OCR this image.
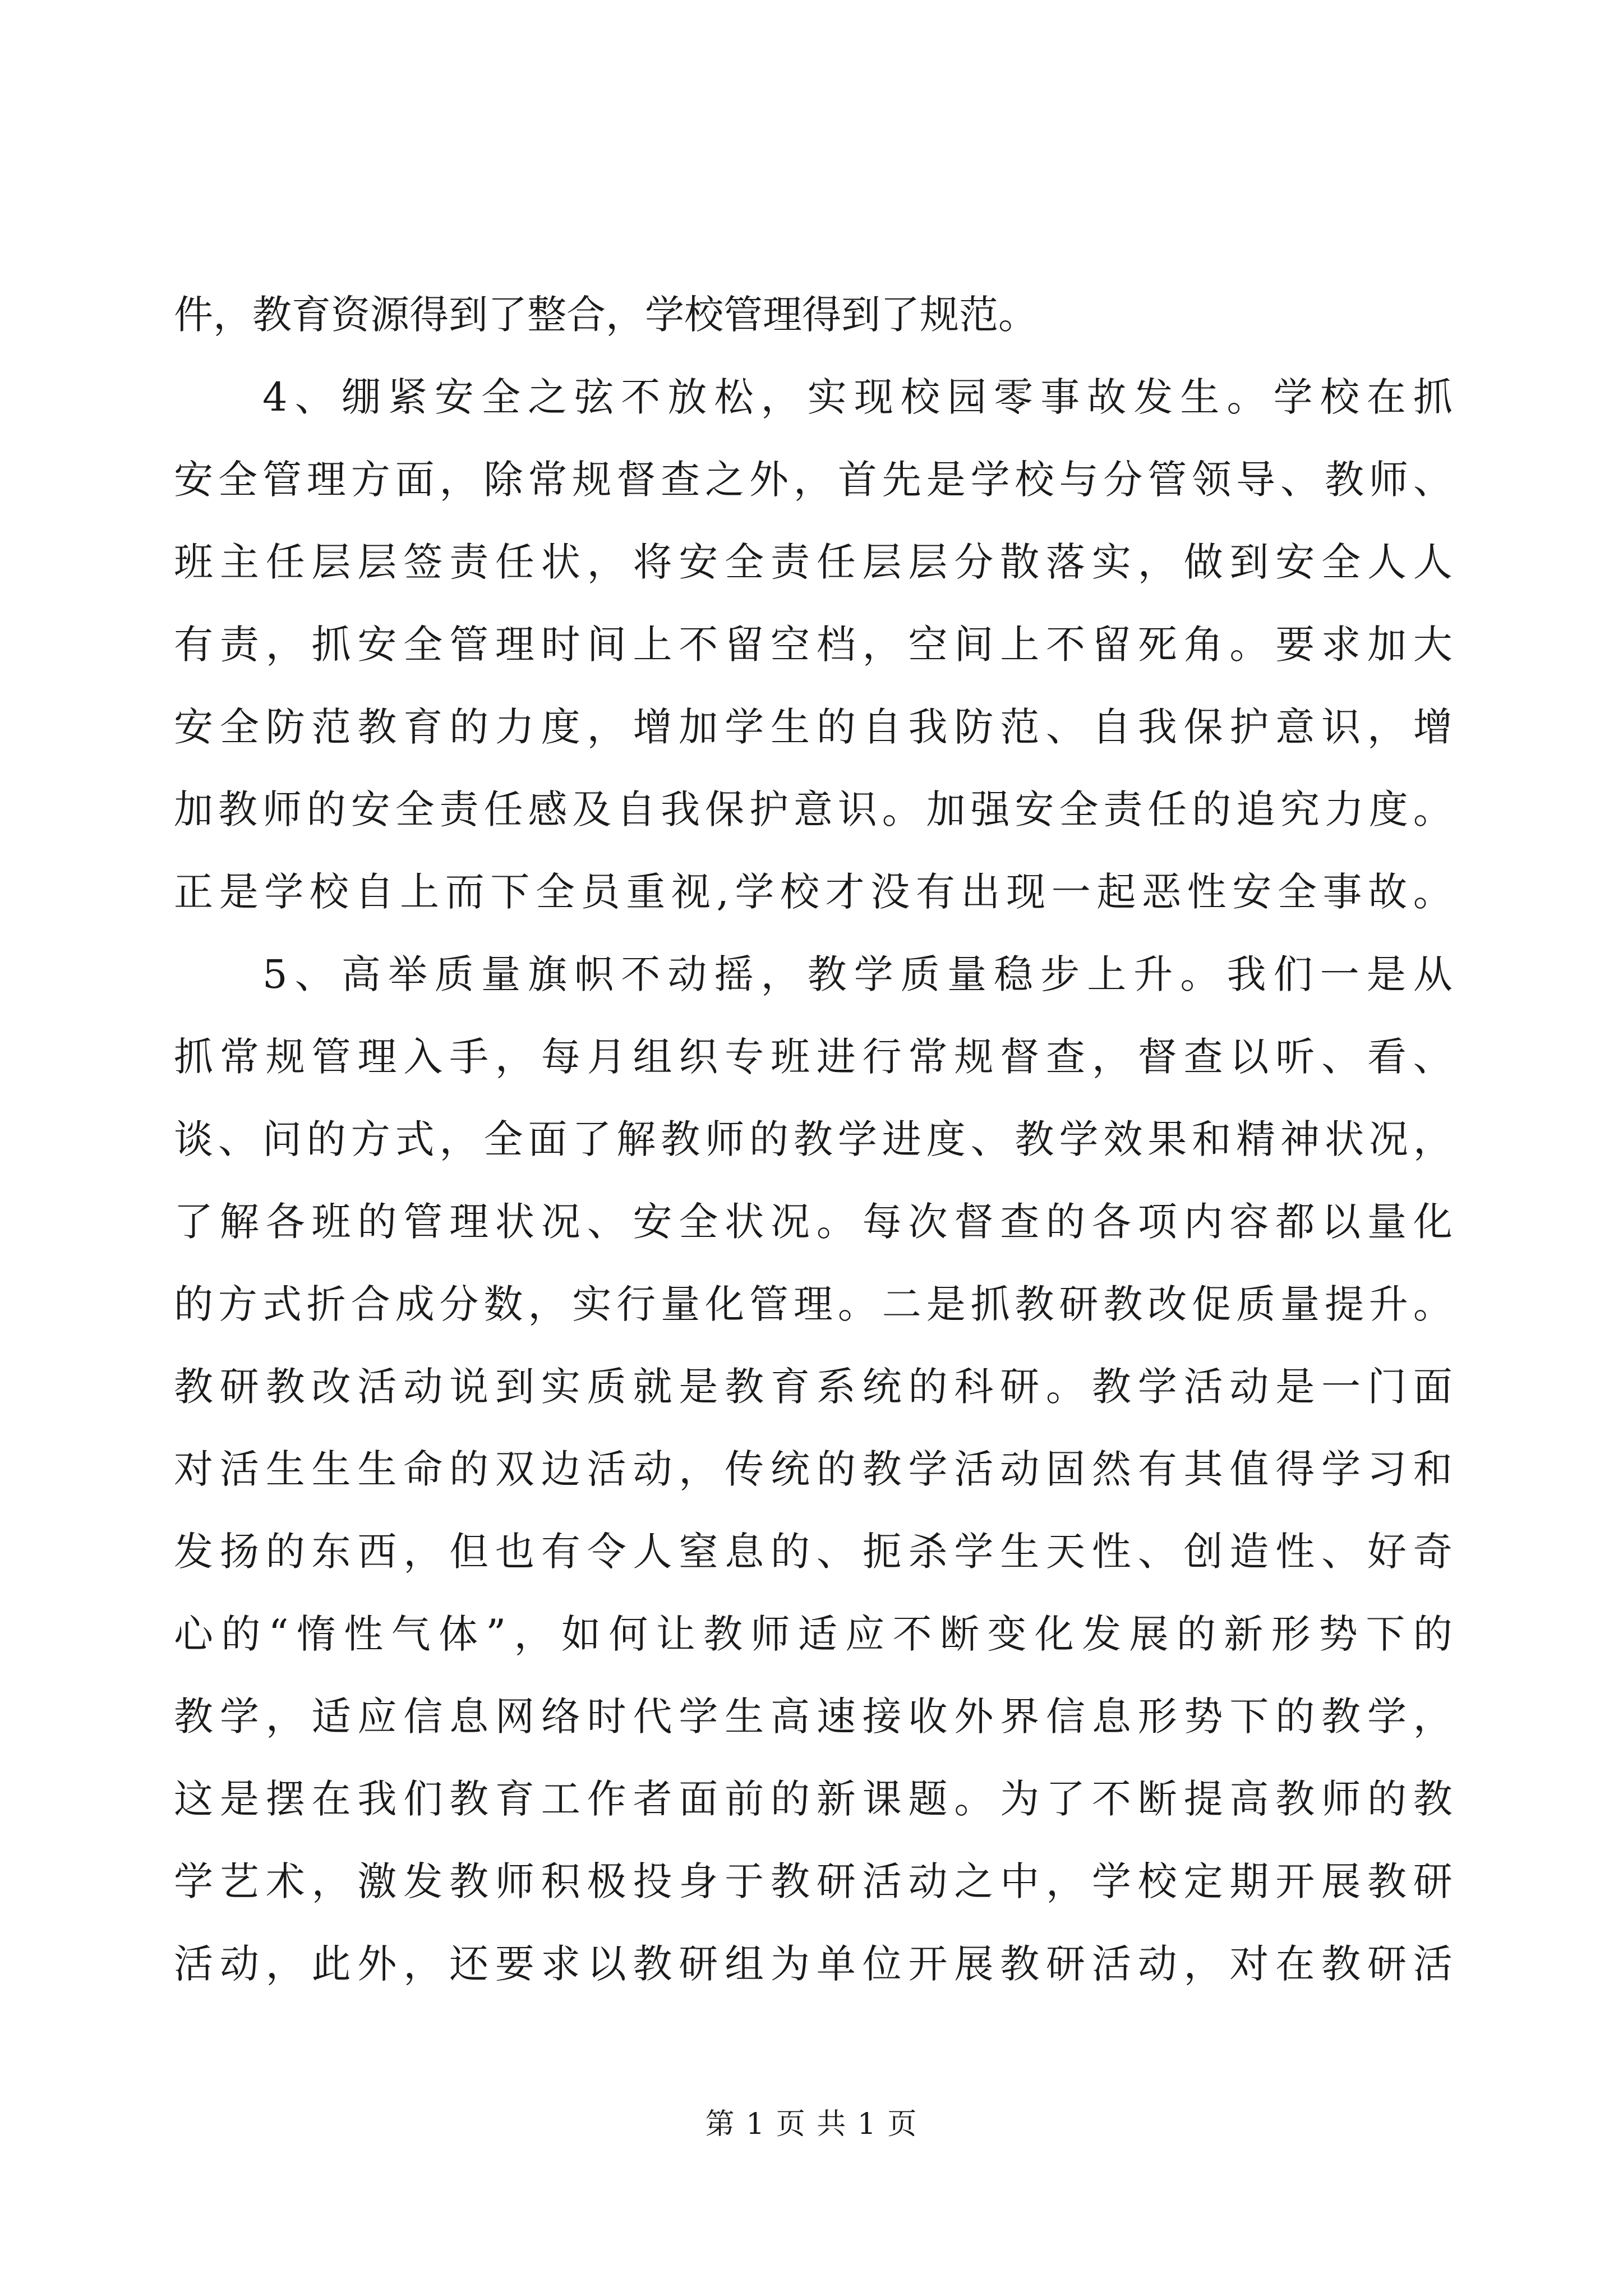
件，教育资源得到了整合，学校管理得到了规范。
4 、 绷 紧 安 全 之 弦 不 放 松 ， 实 现 校 园 零 事 故 发 生 。 学 校 在 抓
安 全 管 理 方 面 ， 除 常 规 督 查 之 外 ， 首 先 是 学 校 与 分 管 领 导 、 教 师 、
班 主 任 层 层 签 责 任 状 ， 将 安 全 责 任 层 层 分 散 落 实 ， 做 到 安 全 人 人
有 责 ， 抓 安 全 管 理 时 间 上 不 留 空 档 ， 空 间 上 不 留 死 角 。 要 求 加 大
安 全 防 范 教 育 的 力 度 ， 增 加 学 生 的 自 我 防 范 、 自 我 保 护 意 识 ， 增
加 教 师 的 安 全 责 任 感 及 自 我 保 护 意 识 。 加 强 安 全 责 任 的 追 究 力 度 。
正 是 学 校 自 上 而 下 全 员 重 视 , 学 校 才 没 有 出 现 一 起 恶 性 安 全 事 故 。
5 、 高 举 质 量 旗 帜 不 动 摇 ， 教 学 质 量 稳 步 上 升 。 我 们 一 是 从
抓 常 规 管 理 入 手 ， 每 月 组 织 专 班 进 行 常 规 督 查 ， 督 查 以 听 、 看 、
谈 、 问 的 方 式 ， 全 面 了 解 教 师 的 教 学 进 度 、 教 学 效 果 和 精 神 状 况 ，
了 解 各 班 的 管 理 状 况 、 安 全 状 况 。 每 次 督 查 的 各 项 内 容 都 以 量 化
的 方 式 折 合 成 分 数 ， 实 行 量 化 管 理 。 二 是 抓 教 研 教 改 促 质 量 提 升 。
教 研 教 改 活 动 说 到 实 质 就 是 教 育 系 统 的 科 研 。 教 学 活 动 是 一 门 面
对 活 生 生 生 命 的 双 边 活 动 ， 传 统 的 教 学 活 动 固 然 有 其 值 得 学 习 和
发 扬 的 东 西 ， 但 也 有 令 人 窒 息 的 、 扼 杀 学 生 天 性 、 创 造 性 、 好 奇
心 的 “ 惰 性 气 体 ” ， 如 何 让 教 师 适 应 不 断 变 化 发 展 的 新 形 势 下 的
教 学 ， 适 应 信 息 网 络 时 代 学 生 高 速 接 收 外 界 信 息 形 势 下 的 教 学 ，
这 是 摆 在 我 们 教 育 工 作 者 面 前 的 新 课 题 。 为 了 不 断 提 高 教 师 的 教
学 艺 术 ， 激 发 教 师 积 极 投 身 于 教 研 活 动 之 中 ， 学 校 定 期 开 展 教 研
活 动 ， 此 外 ， 还 要 求 以 教 研 组 为 单 位 开 展 教 研 活 动 ， 对 在 教 研 活
第 1 页 共 1 页
